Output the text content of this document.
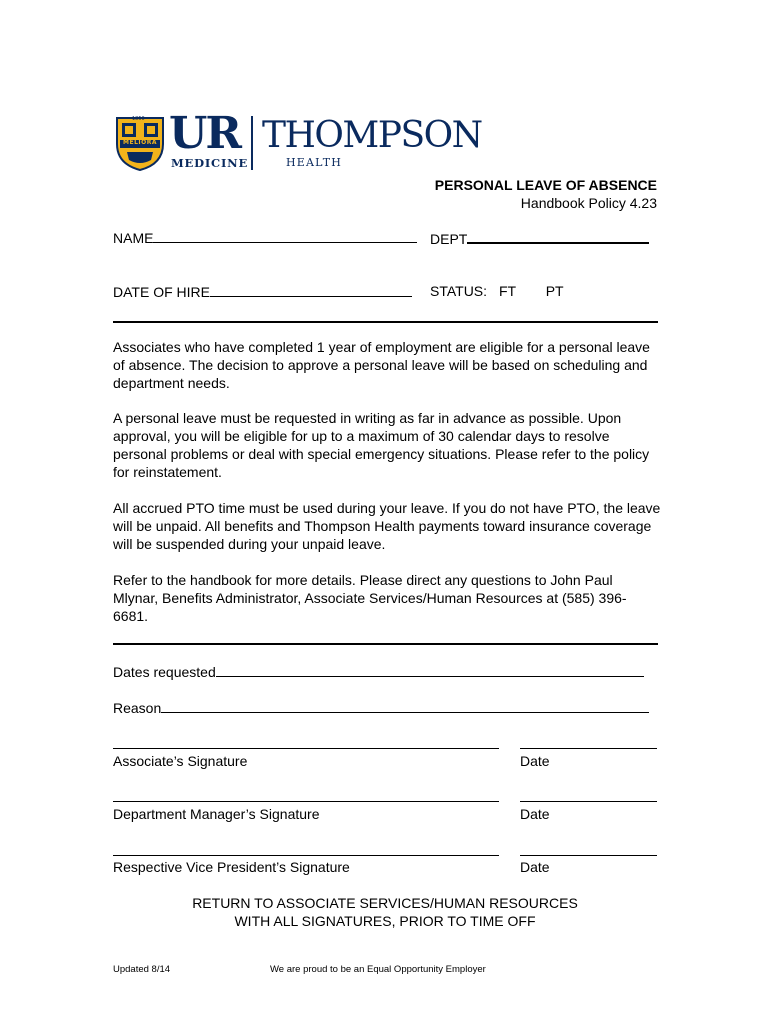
MELIORA
1850 UR
MEDICINE
THOMPSON
HEALTH
PERSONAL LEAVE OF ABSENCE
Handbook Policy 4.23
NAME	DEPT
DATE OF HIRE	STATUS: FT PT

Associates who have completed 1 year of employment are eligible for a personal leave of absence. The decision to approve a personal leave will be based on scheduling and department needs.

A personal leave must be requested in writing as far in advance as possible. Upon approval, you will be eligible for up to a maximum of 30 calendar days to resolve personal problems or deal with special emergency situations. Please refer to the policy for reinstatement.

All accrued PTO time must be used during your leave. If you do not have PTO, the leave will be unpaid. All benefits and Thompson Health payments toward insurance coverage will be suspended during your unpaid leave.

Refer to the handbook for more details. Please direct any questions to John Paul Mlynar, Benefits Administrator, Associate Services/Human Resources at (585) 396-6681.

Dates requested
Reason
Associate’s Signature	Date
Department Manager’s Signature	Date
Respective Vice President’s Signature	Date
RETURN TO ASSOCIATE SERVICES/HUMAN RESOURCES
WITH ALL SIGNATURES, PRIOR TO TIME OFF
Updated 8/14	We are proud to be an Equal Opportunity Employer
